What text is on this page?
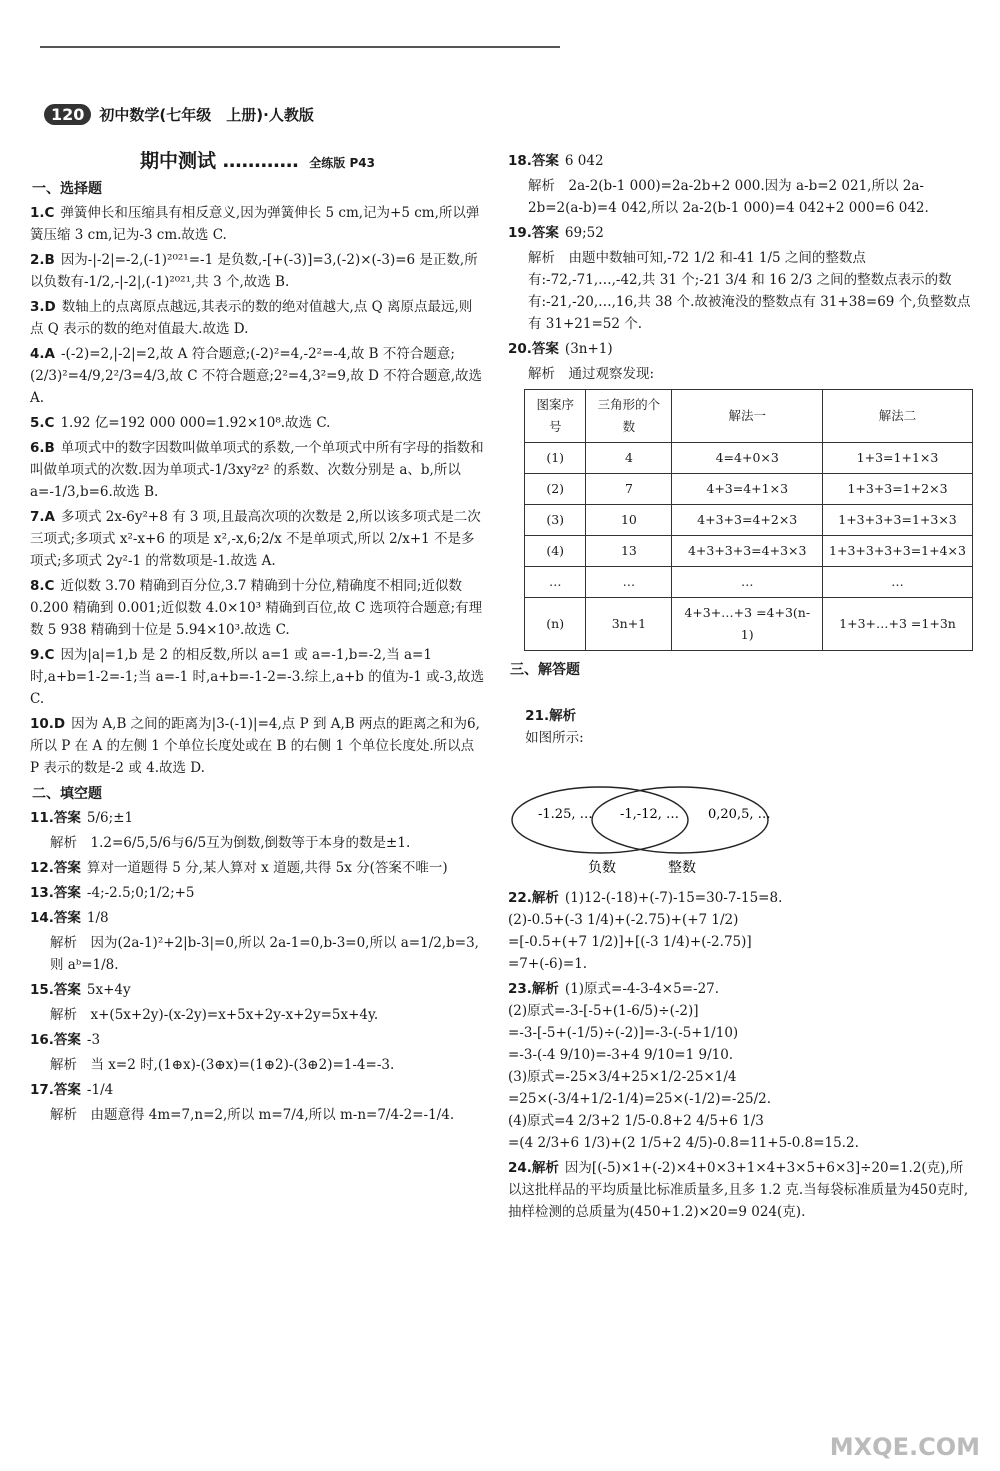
120	初中数学(七年级　上册)·人教版
期中测试 ………… 全练版 P43
一、选择题
1.C 弹簧伸长和压缩具有相反意义,因为弹簧伸长 5 cm,记为+5 cm,所以弹簧压缩 3 cm,记为-3 cm.故选 C.
2.B 因为-|-2|=-2,(-1)²⁰²¹=-1 是负数,-[+(-3)]=3,(-2)×(-3)=6 是正数,所以负数有-1/2,-|-2|,(-1)²⁰²¹,共 3 个,故选 B.
3.D 数轴上的点离原点越远,其表示的数的绝对值越大,点 Q 离原点最远,则点 Q 表示的数的绝对值最大.故选 D.
4.A -(-2)=2,|-2|=2,故 A 符合题意;(-2)²=4,-2²=-4,故 B 不符合题意;(2/3)²=4/9,2²/3=4/3,故 C 不符合题意;2²=4,3²=9,故 D 不符合题意,故选 A.
5.C 1.92 亿=192 000 000=1.92×10⁸.故选 C.
6.B 单项式中的数字因数叫做单项式的系数,一个单项式中所有字母的指数和叫做单项式的次数.因为单项式-1/3xy²z² 的系数、次数分别是 a、b,所以 a=-1/3,b=6.故选 B.
7.A 多项式 2x-6y²+8 有 3 项,且最高次项的次数是 2,所以该多项式是二次三项式;多项式 x²-x+6 的项是 x²,-x,6;2/x 不是单项式,所以 2/x+1 不是多项式;多项式 2y²-1 的常数项是-1.故选 A.
8.C 近似数 3.70 精确到百分位,3.7 精确到十分位,精确度不相同;近似数 0.200 精确到 0.001;近似数 4.0×10³ 精确到百位,故 C 选项符合题意;有理数 5 938 精确到十位是 5.94×10³.故选 C.
9.C 因为|a|=1,b 是 2 的相反数,所以 a=1 或 a=-1,b=-2,当 a=1 时,a+b=1-2=-1;当 a=-1 时,a+b=-1-2=-3.综上,a+b 的值为-1 或-3,故选 C.
10.D 因为 A,B 之间的距离为|3-(-1)|=4,点 P 到 A,B 两点的距离之和为6,所以 P 在 A 的左侧 1 个单位长度处或在 B 的右侧 1 个单位长度处.所以点 P 表示的数是-2 或 4.故选 D.
二、填空题
11.答案 5/6;±1
解析　1.2=6/5,5/6与6/5互为倒数,倒数等于本身的数是±1.
12.答案 算对一道题得 5 分,某人算对 x 道题,共得 5x 分(答案不唯一)
13.答案 -4;-2.5;0;1/2;+5
14.答案 1/8
解析　因为(2a-1)²+2|b-3|=0,所以 2a-1=0,b-3=0,所以 a=1/2,b=3,则 aᵇ=1/8.
15.答案 5x+4y
解析　x+(5x+2y)-(x-2y)=x+5x+2y-x+2y=5x+4y.
16.答案 -3
解析　当 x=2 时,(1⊕x)-(3⊕x)=(1⊕2)-(3⊕2)=1-4=-3.
17.答案 -1/4
解析　由题意得 4m=7,n=2,所以 m=7/4,所以 m-n=7/4-2=-1/4.
18.答案 6 042
解析　2a-2(b-1 000)=2a-2b+2 000.因为 a-b=2 021,所以 2a-2b=2(a-b)=4 042,所以 2a-2(b-1 000)=4 042+2 000=6 042.
19.答案 69;52
解析　由题中数轴可知,-72 1/2 和-41 1/5 之间的整数点有:-72,-71,…,-42,共 31 个;-21 3/4 和 16 2/3 之间的整数点表示的数有:-21,-20,…,16,共 38 个.故被淹没的整数点有 31+38=69 个,负整数点有 31+21=52 个.
20.答案 (3n+1)
解析　通过观察发现:
图案序号	三角形的个数	解法一	解法二
(1)	4	4=4+0×3	1+3=1+1×3
(2)	7	4+3=4+1×3	1+3+3=1+2×3
(3)	10	4+3+3=4+2×3	1+3+3+3=1+3×3
(4)	13	4+3+3+3=4+3×3	1+3+3+3+3=1+4×3
…	…	…	…
(n)	3n+1	4+3+…+3 =4+3(n-1)	1+3+…+3 =1+3n
三、解答题

21.解析
如图所示:

-1.25, … -1,-12, … 0,20,5, …
负数	整数
22.解析 (1)12-(-18)+(-7)-15=30-7-15=8.
(2)-0.5+(-3 1/4)+(-2.75)+(+7 1/2)
=[-0.5+(+7 1/2)]+[(-3 1/4)+(-2.75)]
=7+(-6)=1.
23.解析 (1)原式=-4-3-4×5=-27.
(2)原式=-3-[-5+(1-6/5)÷(-2)]
=-3-[-5+(-1/5)÷(-2)]=-3-(-5+1/10)
=-3-(-4 9/10)=-3+4 9/10=1 9/10.
(3)原式=-25×3/4+25×1/2-25×1/4
=25×(-3/4+1/2-1/4)=25×(-1/2)=-25/2.
(4)原式=4 2/3+2 1/5-0.8+2 4/5+6 1/3
=(4 2/3+6 1/3)+(2 1/5+2 4/5)-0.8=11+5-0.8=15.2.
24.解析 因为[(-5)×1+(-2)×4+0×3+1×4+3×5+6×3]÷20=1.2(克),所以这批样品的平均质量比标准质量多,且多 1.2 克.当每袋标准质量为450克时,抽样检测的总质量为(450+1.2)×20=9 024(克).
MXQE.COM
